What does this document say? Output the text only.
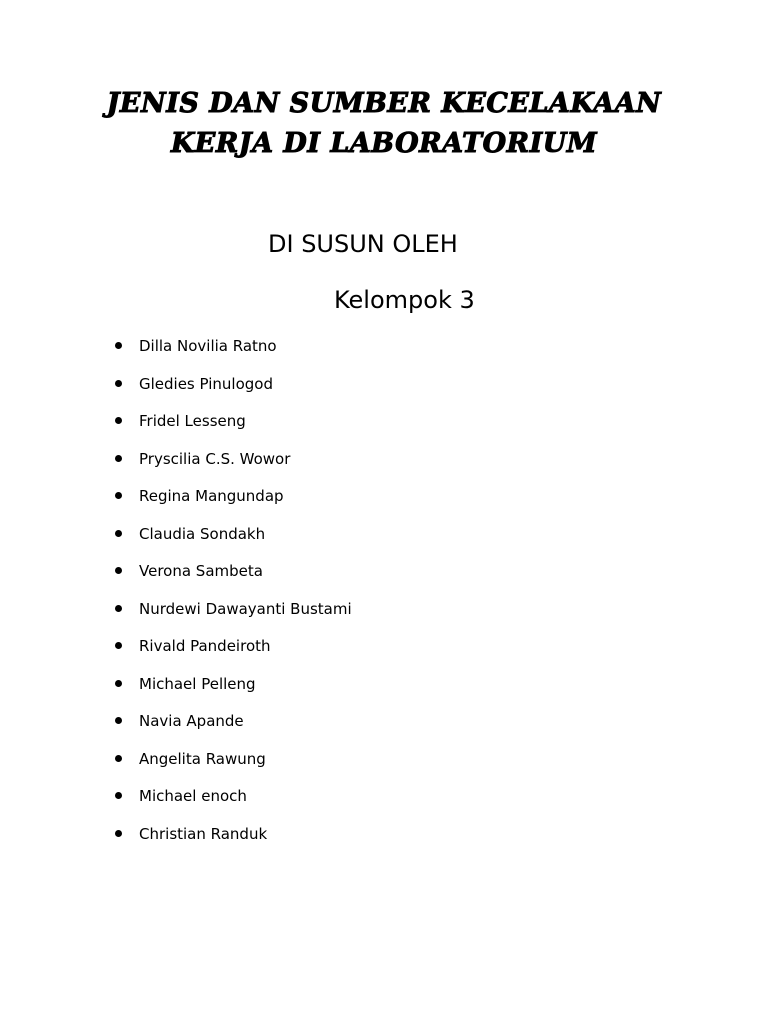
JENIS DAN SUMBER KECELAKAAN
KERJA DI LABORATORIUM
DI SUSUN OLEH
Kelompok 3
Dilla Novilia Ratno
Gledies Pinulogod
Fridel Lesseng
Pryscilia C.S. Wowor
Regina Mangundap
Claudia Sondakh
Verona Sambeta
Nurdewi Dawayanti Bustami
Rivald Pandeiroth
Michael Pelleng
Navia Apande
Angelita Rawung
Michael enoch
Christian Randuk
